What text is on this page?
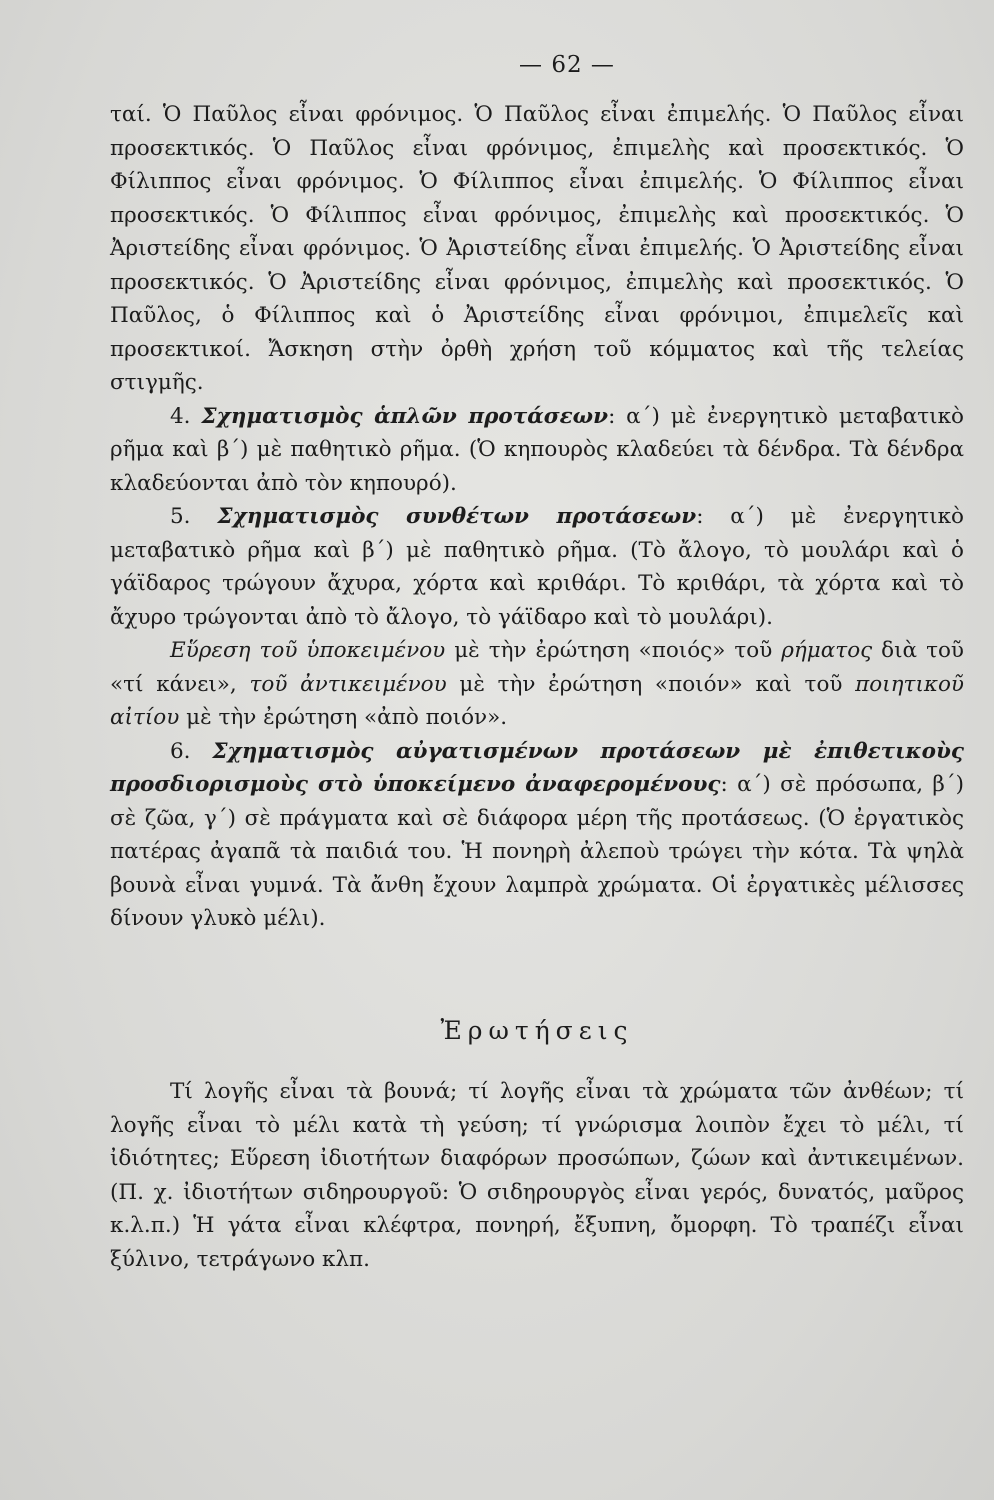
— 62 —

ταί. Ὁ Παῦλος εἶναι φρόνιμος. Ὁ Παῦλος εἶναι ἐπιμελής. Ὁ Παῦλος εἶναι προσεκτικός. Ὁ Παῦλος εἶναι φρόνιμος, ἐπιμελὴς καὶ προσεκτικός. Ὁ Φίλιππος εἶναι φρόνιμος. Ὁ Φίλιππος εἶναι ἐπιμελής. Ὁ Φίλιππος εἶναι προσεκτικός. Ὁ Φίλιππος εἶναι φρόνιμος, ἐπιμελὴς καὶ προσεκτικός. Ὁ Ἀριστείδης εἶναι φρόνιμος. Ὁ Ἀριστείδης εἶναι ἐπιμελής. Ὁ Ἀριστείδης εἶναι προσεκτικός. Ὁ Ἀριστείδης εἶναι φρόνιμος, ἐπιμελὴς καὶ προσεκτικός. Ὁ Παῦλος, ὁ Φίλιππος καὶ ὁ Ἀριστείδης εἶναι φρόνιμοι, ἐπιμελεῖς καὶ προσεκτικοί. Ἄσκηση στὴν ὀρθὴ χρήση τοῦ κόμματος καὶ τῆς τελείας στιγμῆς.

4. Σχηματισμὸς ἁπλῶν προτάσεων: α΄) μὲ ἐνεργητικὸ μεταβατικὸ ρῆμα καὶ β΄) μὲ παθητικὸ ρῆμα. (Ὁ κηπουρὸς κλαδεύει τὰ δένδρα. Τὰ δένδρα κλαδεύονται ἀπὸ τὸν κηπουρό).

5. Σχηματισμὸς συνθέτων προτάσεων: α΄) μὲ ἐνεργητικὸ μεταβατικὸ ρῆμα καὶ β΄) μὲ παθητικὸ ρῆμα. (Τὸ ἄλογο, τὸ μουλάρι καὶ ὁ γάϊδαρος τρώγουν ἄχυρα, χόρτα καὶ κριθάρι. Τὸ κριθάρι, τὰ χόρτα καὶ τὸ ἄχυρο τρώγονται ἀπὸ τὸ ἄλογο, τὸ γάϊδαρο καὶ τὸ μουλάρι).

Εὕρεση τοῦ ὑποκειμένου μὲ τὴν ἐρώτηση «ποιός» τοῦ ρήματος διὰ τοῦ «τί κάνει», τοῦ ἀντικειμένου μὲ τὴν ἐρώτηση «ποιόν» καὶ τοῦ ποιητικοῦ αἰτίου μὲ τὴν ἐρώτηση «ἀπὸ ποιόν».

6. Σχηματισμὸς αὐγατισμένων προτάσεων μὲ ἐπιθετικοὺς προσδιορισμοὺς στὸ ὑποκείμενο ἀναφερομένους: α΄) σὲ πρόσωπα, β΄) σὲ ζῶα, γ΄) σὲ πράγματα καὶ σὲ διάφορα μέρη τῆς προτάσεως. (Ὁ ἐργατικὸς πατέρας ἀγαπᾶ τὰ παιδιά του. Ἡ πονηρὴ ἀλεποὺ τρώγει τὴν κότα. Τὰ ψηλὰ βουνὰ εἶναι γυμνά. Τὰ ἄνθη ἔχουν λαμπρὰ χρώματα. Οἱ ἐργατικὲς μέλισσες δίνουν γλυκὸ μέλι).

Ἐρωτήσεις

Τί λογῆς εἶναι τὰ βουνά; τί λογῆς εἶναι τὰ χρώματα τῶν ἀνθέων; τί λογῆς εἶναι τὸ μέλι κατὰ τὴ γεύση; τί γνώρισμα λοιπὸν ἔχει τὸ μέλι, τί ἰδιότητες; Εὕρεση ἰδιοτήτων διαφόρων προσώπων, ζώων καὶ ἀντικειμένων. (Π. χ. ἰδιοτήτων σιδηρουργοῦ: Ὁ σιδηρουργὸς εἶναι γερός, δυνατός, μαῦρος κ.λ.π.) Ἡ γάτα εἶναι κλέφτρα, πονηρή, ἔξυπνη, ὄμορφη. Τὸ τραπέζι εἶναι ξύλινο, τετράγωνο κλπ.
